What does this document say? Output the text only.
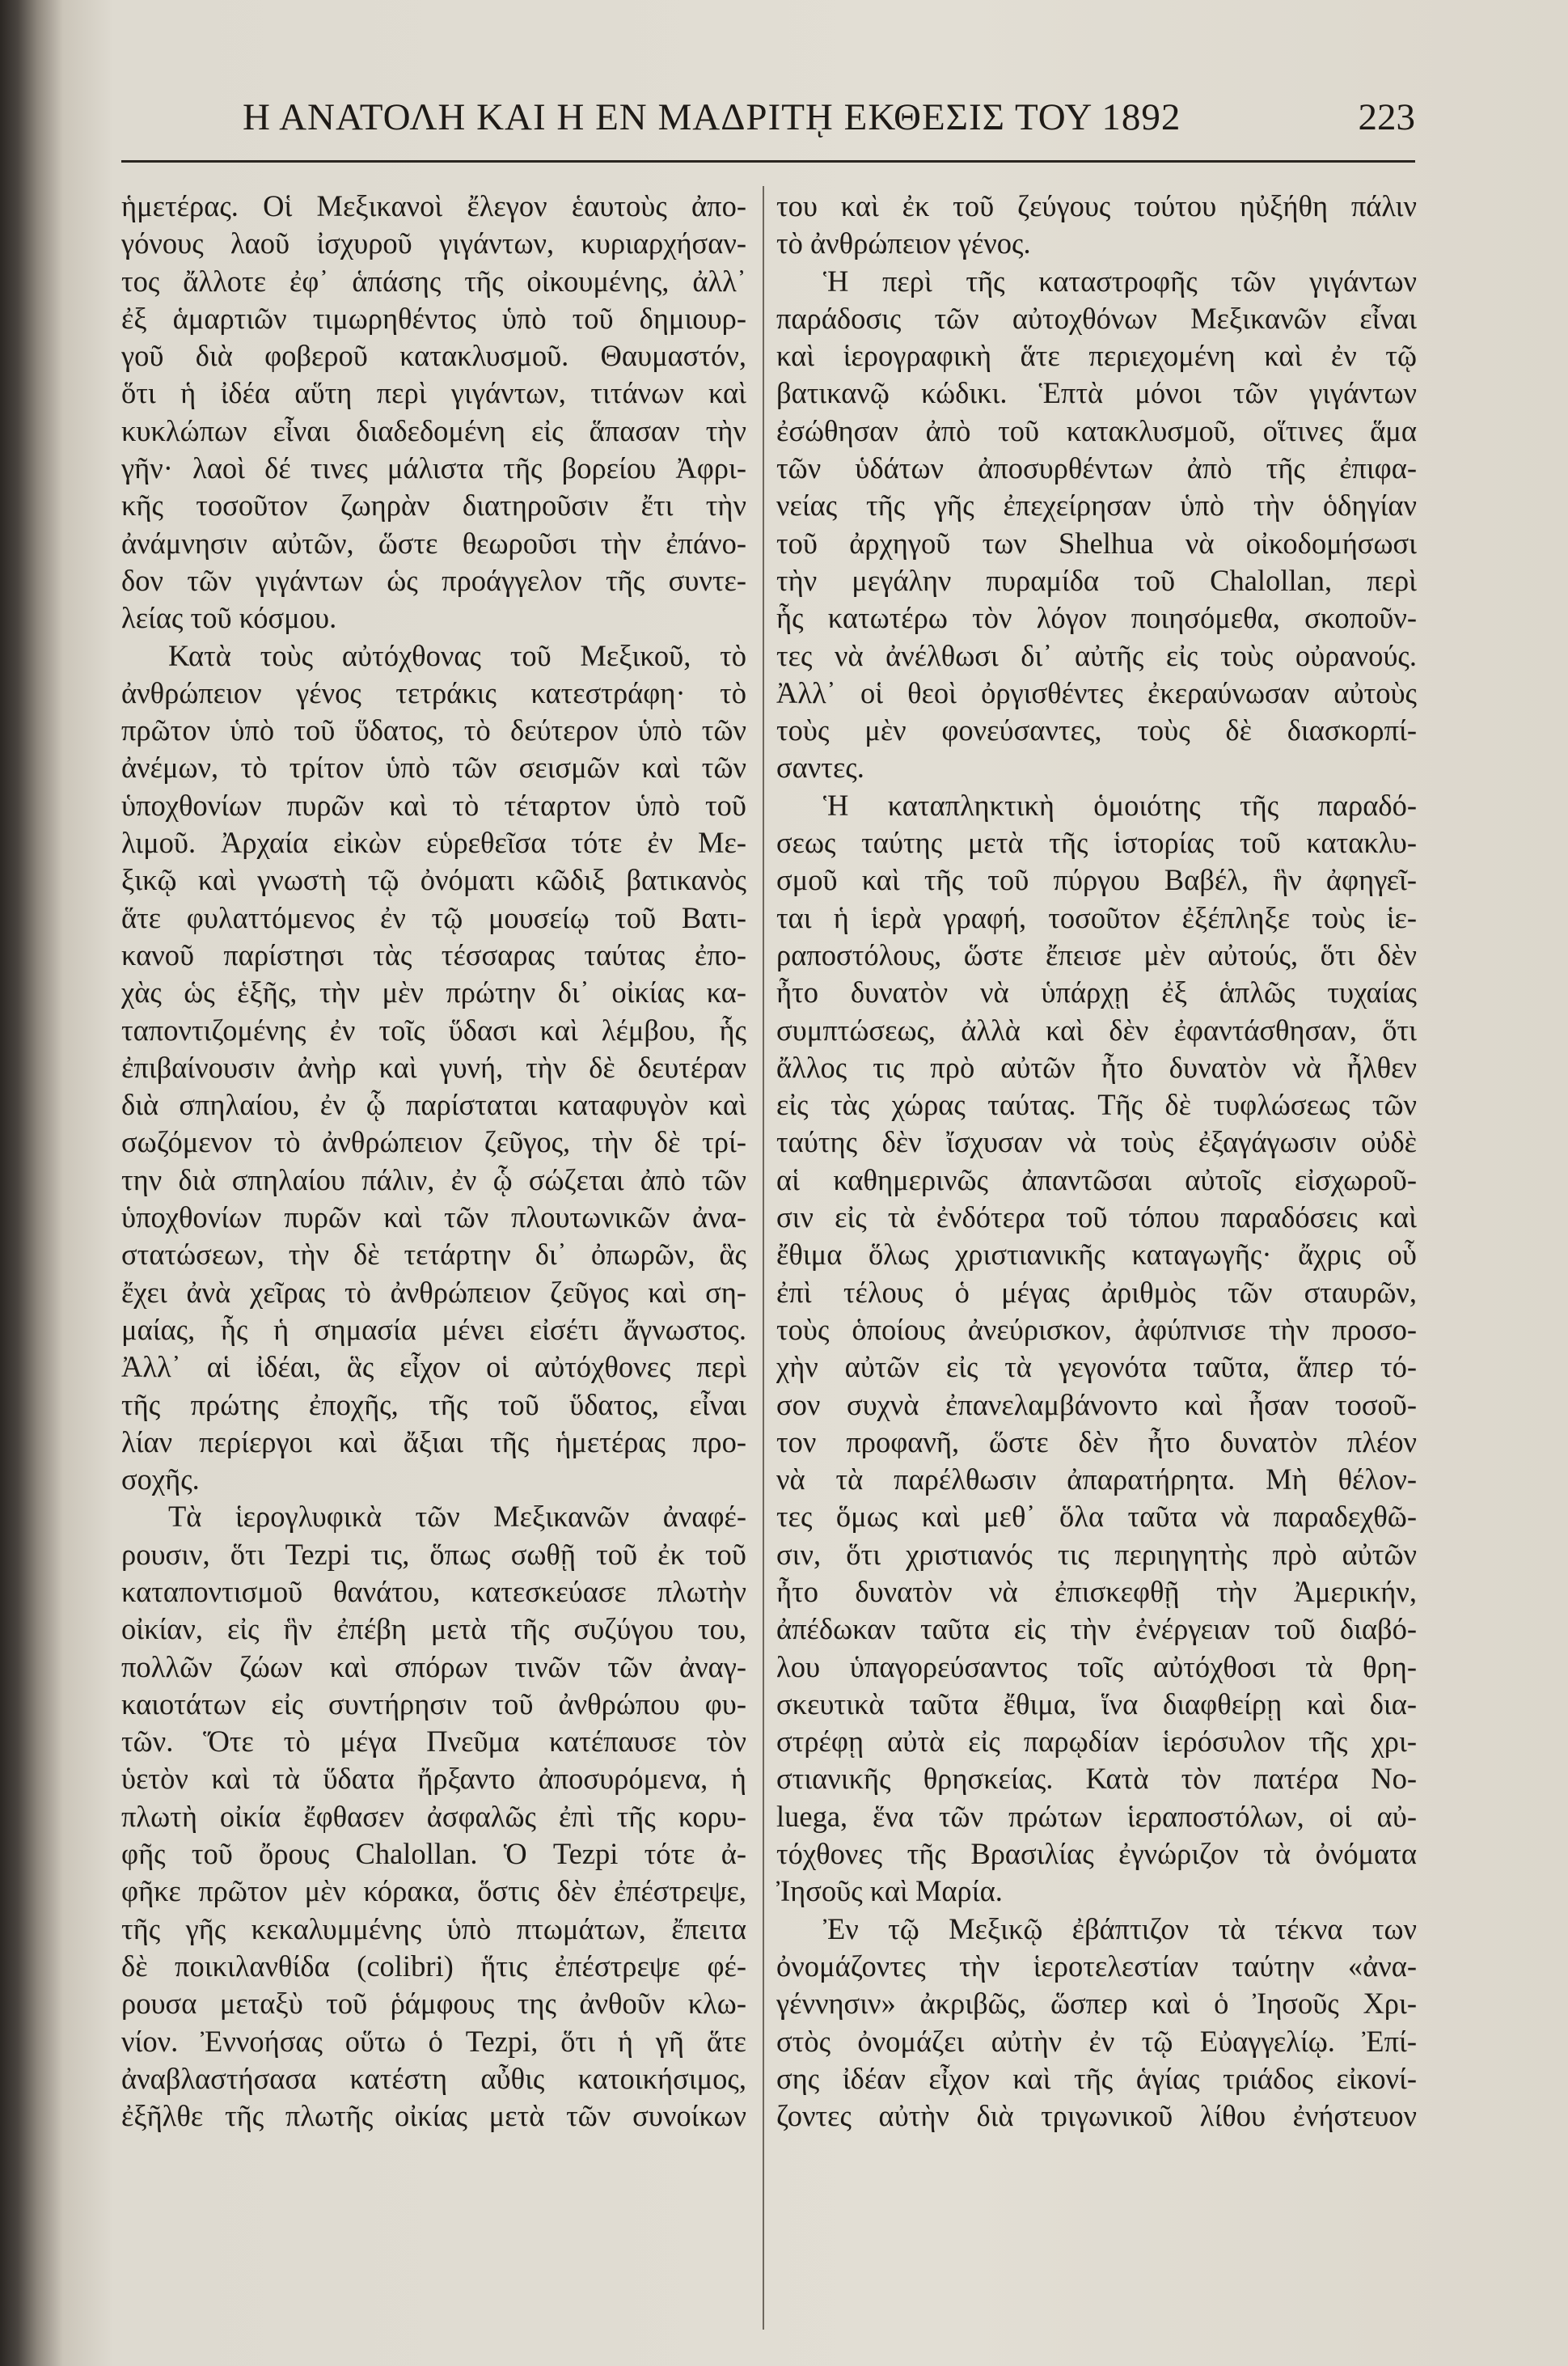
Η ΑΝΑΤΟΛΗ ΚΑΙ Η ΕΝ ΜΑΔΡΙΤῌ ΕΚΘΕΣΙΣ ΤΟΥ 1892	223
ἡμετέρας. Οἱ Μεξικανοὶ ἔλεγον ἑαυτοὺς ἀπο-
γόνους λαοῦ ἰσχυροῦ γιγάντων, κυριαρχήσαν-
τος ἄλλοτε ἐφ᾽ ἁπάσης τῆς οἰκουμένης, ἀλλ᾽
ἐξ ἁμαρτιῶν τιμωρηθέντος ὑπὸ τοῦ δημιουρ-
γοῦ διὰ φοβεροῦ κατακλυσμοῦ. Θαυμαστόν,
ὅτι ἡ ἰδέα αὕτη περὶ γιγάντων, τιτάνων καὶ
κυκλώπων εἶναι διαδεδομένη εἰς ἅπασαν τὴν
γῆν· λαοὶ δέ τινες μάλιστα τῆς βορείου Ἀφρι-
κῆς τοσοῦτον ζωηρὰν διατηροῦσιν ἔτι τὴν
ἀνάμνησιν αὐτῶν, ὥστε θεωροῦσι τὴν ἐπάνο-
δον τῶν γιγάντων ὡς προάγγελον τῆς συντε-
λείας τοῦ κόσμου.
Κατὰ τοὺς αὐτόχθονας τοῦ Μεξικοῦ, τὸ
ἀνθρώπειον γένος τετράκις κατεστράφη· τὸ
πρῶτον ὑπὸ τοῦ ὕδατος, τὸ δεύτερον ὑπὸ τῶν
ἀνέμων, τὸ τρίτον ὑπὸ τῶν σεισμῶν καὶ τῶν
ὑποχθονίων πυρῶν καὶ τὸ τέταρτον ὑπὸ τοῦ
λιμοῦ. Ἀρχαία εἰκὼν εὑρεθεῖσα τότε ἐν Με-
ξικῷ καὶ γνωστὴ τῷ ὀνόματι κῶδιξ βατικανὸς
ἅτε φυλαττόμενος ἐν τῷ μουσείῳ τοῦ Βατι-
κανοῦ παρίστησι τὰς τέσσαρας ταύτας ἐπο-
χὰς ὡς ἑξῆς, τὴν μὲν πρώτην δι᾽ οἰκίας κα-
ταποντιζομένης ἐν τοῖς ὕδασι καὶ λέμβου, ἧς
ἐπιβαίνουσιν ἀνὴρ καὶ γυνή, τὴν δὲ δευτέραν
διὰ σπηλαίου, ἐν ᾧ παρίσταται καταφυγὸν καὶ
σωζόμενον τὸ ἀνθρώπειον ζεῦγος, τὴν δὲ τρί-
την διὰ σπηλαίου πάλιν, ἐν ᾧ σώζεται ἀπὸ τῶν
ὑποχθονίων πυρῶν καὶ τῶν πλουτωνικῶν ἀνα-
στατώσεων, τὴν δὲ τετάρτην δι᾽ ὀπωρῶν, ἃς
ἔχει ἀνὰ χεῖρας τὸ ἀνθρώπειον ζεῦγος καὶ ση-
μαίας, ἧς ἡ σημασία μένει εἰσέτι ἄγνωστος.
Ἀλλ᾽ αἱ ἰδέαι, ἃς εἶχον οἱ αὐτόχθονες περὶ
τῆς πρώτης ἐποχῆς, τῆς τοῦ ὕδατος, εἶναι
λίαν περίεργοι καὶ ἄξιαι τῆς ἡμετέρας προ-
σοχῆς.
Τὰ ἱερογλυφικὰ τῶν Μεξικανῶν ἀναφέ-
ρουσιν, ὅτι Tezpi τις, ὅπως σωθῇ τοῦ ἐκ τοῦ
καταποντισμοῦ θανάτου, κατεσκεύασε πλωτὴν
οἰκίαν, εἰς ἣν ἐπέβη μετὰ τῆς συζύγου του,
πολλῶν ζώων καὶ σπόρων τινῶν τῶν ἀναγ-
καιοτάτων εἰς συντήρησιν τοῦ ἀνθρώπου φυ-
τῶν. Ὅτε τὸ μέγα Πνεῦμα κατέπαυσε τὸν
ὑετὸν καὶ τὰ ὕδατα ἤρξαντο ἀποσυρόμενα, ἡ
πλωτὴ οἰκία ἔφθασεν ἀσφαλῶς ἐπὶ τῆς κορυ-
φῆς τοῦ ὄρους Chalollan. Ὁ Tezpi τότε ἀ-
φῆκε πρῶτον μὲν κόρακα, ὅστις δὲν ἐπέστρεψε,
τῆς γῆς κεκαλυμμένης ὑπὸ πτωμάτων, ἔπειτα
δὲ ποικιλανθίδα (colibri) ἥτις ἐπέστρεψε φέ-
ρουσα μεταξὺ τοῦ ῥάμφους της ἀνθοῦν κλω-
νίον. Ἐννοήσας οὕτω ὁ Tezpi, ὅτι ἡ γῆ ἅτε
ἀναβλαστήσασα κατέστη αὖθις κατοικήσιμος,
ἐξῆλθε τῆς πλωτῆς οἰκίας μετὰ τῶν συνοίκων
του καὶ ἐκ τοῦ ζεύγους τούτου ηὐξήθη πάλιν
τὸ ἀνθρώπειον γένος.
Ἡ περὶ τῆς καταστροφῆς τῶν γιγάντων
παράδοσις τῶν αὐτοχθόνων Μεξικανῶν εἶναι
καὶ ἱερογραφικὴ ἅτε περιεχομένη καὶ ἐν τῷ
βατικανῷ κώδικι. Ἑπτὰ μόνοι τῶν γιγάντων
ἐσώθησαν ἀπὸ τοῦ κατακλυσμοῦ, οἵτινες ἅμα
τῶν ὑδάτων ἀποσυρθέντων ἀπὸ τῆς ἐπιφα-
νείας τῆς γῆς ἐπεχείρησαν ὑπὸ τὴν ὁδηγίαν
τοῦ ἀρχηγοῦ των Shelhua νὰ οἰκοδομήσωσι
τὴν μεγάλην πυραμίδα τοῦ Chalollan, περὶ
ἧς κατωτέρω τὸν λόγον ποιησόμεθα, σκοποῦν-
τες νὰ ἀνέλθωσι δι᾽ αὐτῆς εἰς τοὺς οὐρανούς.
Ἀλλ᾽ οἱ θεοὶ ὀργισθέντες ἐκεραύνωσαν αὐτοὺς
τοὺς μὲν φονεύσαντες, τοὺς δὲ διασκορπί-
σαντες.
Ἡ καταπληκτικὴ ὁμοιότης τῆς παραδό-
σεως ταύτης μετὰ τῆς ἱστορίας τοῦ κατακλυ-
σμοῦ καὶ τῆς τοῦ πύργου Βαβέλ, ἣν ἀφηγεῖ-
ται ἡ ἱερὰ γραφή, τοσοῦτον ἐξέπληξε τοὺς ἱε-
ραποστόλους, ὥστε ἔπεισε μὲν αὐτούς, ὅτι δὲν
ἦτο δυνατὸν νὰ ὑπάρχῃ ἐξ ἁπλῶς τυχαίας
συμπτώσεως, ἀλλὰ καὶ δὲν ἐφαντάσθησαν, ὅτι
ἄλλος τις πρὸ αὐτῶν ἦτο δυνατὸν νὰ ἦλθεν
εἰς τὰς χώρας ταύτας. Τῆς δὲ τυφλώσεως τῶν
ταύτης δὲν ἴσχυσαν νὰ τοὺς ἐξαγάγωσιν οὐδὲ
αἱ καθημερινῶς ἀπαντῶσαι αὐτοῖς εἰσχωροῦ-
σιν εἰς τὰ ἐνδότερα τοῦ τόπου παραδόσεις καὶ
ἔθιμα ὅλως χριστιανικῆς καταγωγῆς· ἄχρις οὗ
ἐπὶ τέλους ὁ μέγας ἀριθμὸς τῶν σταυρῶν,
τοὺς ὁποίους ἀνεύρισκον, ἀφύπνισε τὴν προσο-
χὴν αὐτῶν εἰς τὰ γεγονότα ταῦτα, ἅπερ τό-
σον συχνὰ ἐπανελαμβάνοντο καὶ ἦσαν τοσοῦ-
τον προφανῆ, ὥστε δὲν ἦτο δυνατὸν πλέον
νὰ τὰ παρέλθωσιν ἀπαρατήρητα. Μὴ θέλον-
τες ὅμως καὶ μεθ᾽ ὅλα ταῦτα νὰ παραδεχθῶ-
σιν, ὅτι χριστιανός τις περιηγητὴς πρὸ αὐτῶν
ἦτο δυνατὸν νὰ ἐπισκεφθῇ τὴν Ἀμερικήν,
ἀπέδωκαν ταῦτα εἰς τὴν ἐνέργειαν τοῦ διαβό-
λου ὑπαγορεύσαντος τοῖς αὐτόχθοσι τὰ θρη-
σκευτικὰ ταῦτα ἔθιμα, ἵνα διαφθείρῃ καὶ δια-
στρέφῃ αὐτὰ εἰς παρῳδίαν ἱερόσυλον τῆς χρι-
στιανικῆς θρησκείας. Κατὰ τὸν πατέρα No-
luega, ἕνα τῶν πρώτων ἱεραποστόλων, οἱ αὐ-
τόχθονες τῆς Βρασιλίας ἐγνώριζον τὰ ὀνόματα
Ἰησοῦς καὶ Μαρία.
Ἐν τῷ Μεξικῷ ἐβάπτιζον τὰ τέκνα των
ὀνομάζοντες τὴν ἱεροτελεστίαν ταύτην «ἀνα-
γέννησιν» ἀκριβῶς, ὥσπερ καὶ ὁ Ἰησοῦς Χρι-
στὸς ὀνομάζει αὐτὴν ἐν τῷ Εὐαγγελίῳ. Ἐπί-
σης ἰδέαν εἶχον καὶ τῆς ἁγίας τριάδος εἰκονί-
ζοντες αὐτὴν διὰ τριγωνικοῦ λίθου ἐνήστευον
